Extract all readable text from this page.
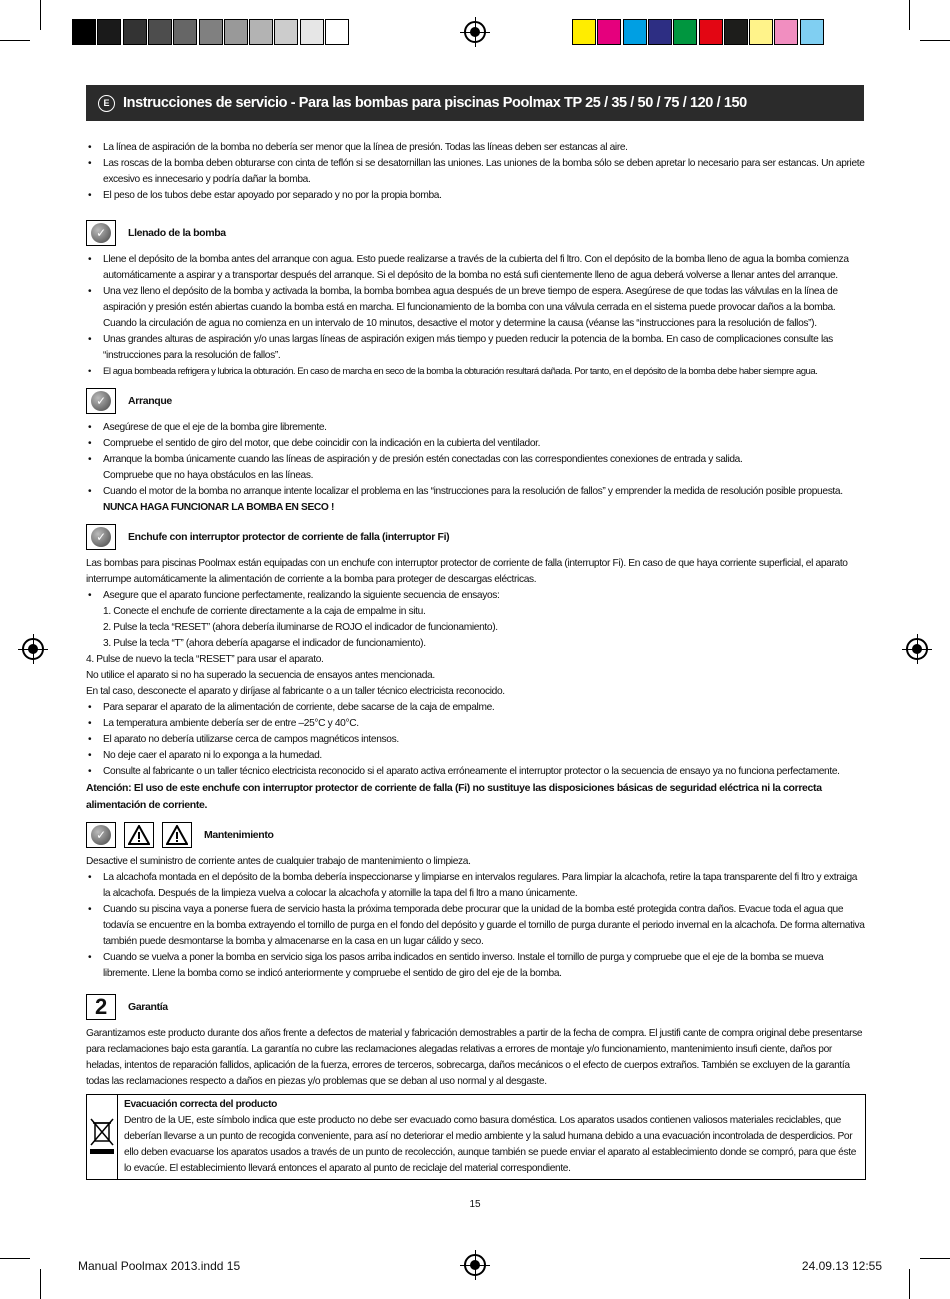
E Instrucciones de servicio - Para las bombas para piscinas Poolmax TP 25 / 35 / 50 / 75 / 120 / 150
• La línea de aspiración de la bomba no debería ser menor que la línea de presión. Todas las líneas deben ser estancas al aire.
• Las roscas de la bomba deben obturarse con cinta de teflón si se desatornillan las uniones. Las uniones de la bomba sólo se deben apretar lo necesario para ser estancas. Un apriete excesivo es innecesario y podría dañar la bomba.
• El peso de los tubos debe estar apoyado por separado y no por la propia bomba.
✓	Llenado de la bomba
• Llene el depósito de la bomba antes del arranque con agua. Esto puede realizarse a través de la cubierta del fi ltro. Con el depósito de la bomba lleno de agua la bomba comienza automáticamente a aspirar y a transportar después del arranque. Si el depósito de la bomba no está sufi cientemente lleno de agua deberá volverse a llenar antes del arranque.
• Una vez lleno el depósito de la bomba y activada la bomba, la bomba bombea agua después de un breve tiempo de espera. Asegúrese de que todas las válvulas en la línea de aspiración y presión estén abiertas cuando la bomba está en marcha. El funcionamiento de la bomba con una válvula cerrada en el sistema puede provocar daños a la bomba. Cuando la circulación de agua no comienza en un intervalo de 10 minutos, desactive el motor y determine la causa (véanse las “instrucciones para la resolución de fallos”).
• Unas grandes alturas de aspiración y/o unas largas líneas de aspiración exigen más tiempo y pueden reducir la potencia de la bomba. En caso de complicaciones consulte las “instrucciones para la resolución de fallos”.
• El agua bombeada refrigera y lubrica la obturación. En caso de marcha en seco de la bomba la obturación resultará dañada. Por tanto, en el depósito de la bomba debe haber siempre agua.
✓	Arranque
• Asegúrese de que el eje de la bomba gire libremente.
• Compruebe el sentido de giro del motor, que debe coincidir con la indicación en la cubierta del ventilador.
• Arranque la bomba únicamente cuando las líneas de aspiración y de presión estén conectadas con las correspondientes conexiones de entrada y salida.
Compruebe que no haya obstáculos en las líneas.
• Cuando el motor de la bomba no arranque intente localizar el problema en las “instrucciones para la resolución de fallos” y emprender la medida de resolución posible propuesta.

NUNCA HAGA FUNCIONAR LA BOMBA EN SECO !

✓	Enchufe con interruptor protector de corriente de falla (interruptor Fi)

Las bombas para piscinas Poolmax están equipadas con un enchufe con interruptor protector de corriente de falla (interruptor Fi). En caso de que haya corriente superficial, el aparato interrumpe automáticamente la alimentación de corriente a la bomba para proteger de descargas eléctricas.

• Asegure que el aparato funcione perfectamente, realizando la siguiente secuencia de ensayos:

1. Conecte el enchufe de corriente directamente a la caja de empalme in situ.

2. Pulse la tecla “RESET” (ahora debería iluminarse de ROJO el indicador de funcionamiento).

3. Pulse la tecla “T” (ahora debería apagarse el indicador de funcionamiento).

4. Pulse de nuevo la tecla “RESET” para usar el aparato.

No utilice el aparato si no ha superado la secuencia de ensayos antes mencionada.

En tal caso, desconecte el aparato y diríjase al fabricante o a un taller técnico electricista reconocido.

• Para separar el aparato de la alimentación de corriente, debe sacarse de la caja de empalme.
• La temperatura ambiente debería ser de entre –25°C y 40°C.
• El aparato no debería utilizarse cerca de campos magnéticos intensos.
• No deje caer el aparato ni lo exponga a la humedad.
• Consulte al fabricante o un taller técnico electricista reconocido si el aparato activa erróneamente el interruptor protector o la secuencia de ensayo ya no funciona perfectamente.

Atención: El uso de este enchufe con interruptor protector de corriente de falla (Fi) no sustituye las disposiciones básicas de seguridad eléctrica ni la correcta alimentación de corriente.

✓	Mantenimiento

Desactive el suministro de corriente antes de cualquier trabajo de mantenimiento o limpieza.

• La alcachofa montada en el depósito de la bomba debería inspeccionarse y limpiarse en intervalos regulares. Para limpiar la alcachofa, retire la tapa transparente del fi ltro y extraiga la alcachofa. Después de la limpieza vuelva a colocar la alcachofa y atornille la tapa del fi ltro a mano únicamente.
• Cuando su piscina vaya a ponerse fuera de servicio hasta la próxima temporada debe procurar que la unidad de la bomba esté protegida contra daños. Evacue toda el agua que todavía se encuentre en la bomba extrayendo el tornillo de purga en el fondo del depósito y guarde el tornillo de purga durante el periodo invernal en la alcachofa. De forma alternativa también puede desmontarse la bomba y almacenarse en la casa en un lugar cálido y seco.
• Cuando se vuelva a poner la bomba en servicio siga los pasos arriba indicados en sentido inverso. Instale el tornillo de purga y compruebe que el eje de la bomba se mueva libremente. Llene la bomba como se indicó anteriormente y compruebe el sentido de giro del eje de la bomba.
2	Garantía

Garantizamos este producto durante dos años frente a defectos de material y fabricación demostrables a partir de la fecha de compra. El justifi cante de compra original debe presentarse para reclamaciones bajo esta garantía. La garantía no cubre las reclamaciones alegadas relativas a errores de montaje y/o funcionamiento, mantenimiento insufi ciente, daños por heladas, intentos de reparación fallidos, aplicación de la fuerza, errores de terceros, sobrecarga, daños mecánicos o el efecto de cuerpos extraños. También se excluyen de la garantía todas las reclamaciones respecto a daños en piezas y/o problemas que se deban al uso normal y al desgaste.

Evacuación correcta del producto
Dentro de la UE, este símbolo indica que este producto no debe ser evacuado como basura doméstica. Los aparatos usados contienen valiosos materiales reciclables, que deberían llevarse a un punto de recogida conveniente, para así no deteriorar el medio ambiente y la salud humana debido a una evacuación incontrolada de desperdicios. Por ello deben evacuarse los aparatos usados a través de un punto de recolección, aunque también se puede enviar el aparato al establecimiento donde se compró, para que éste lo evacúe. El establecimiento llevará entonces el aparato al punto de reciclaje del material correspondiente.
15
Manual Poolmax 2013.indd 15	24.09.13 12:55
